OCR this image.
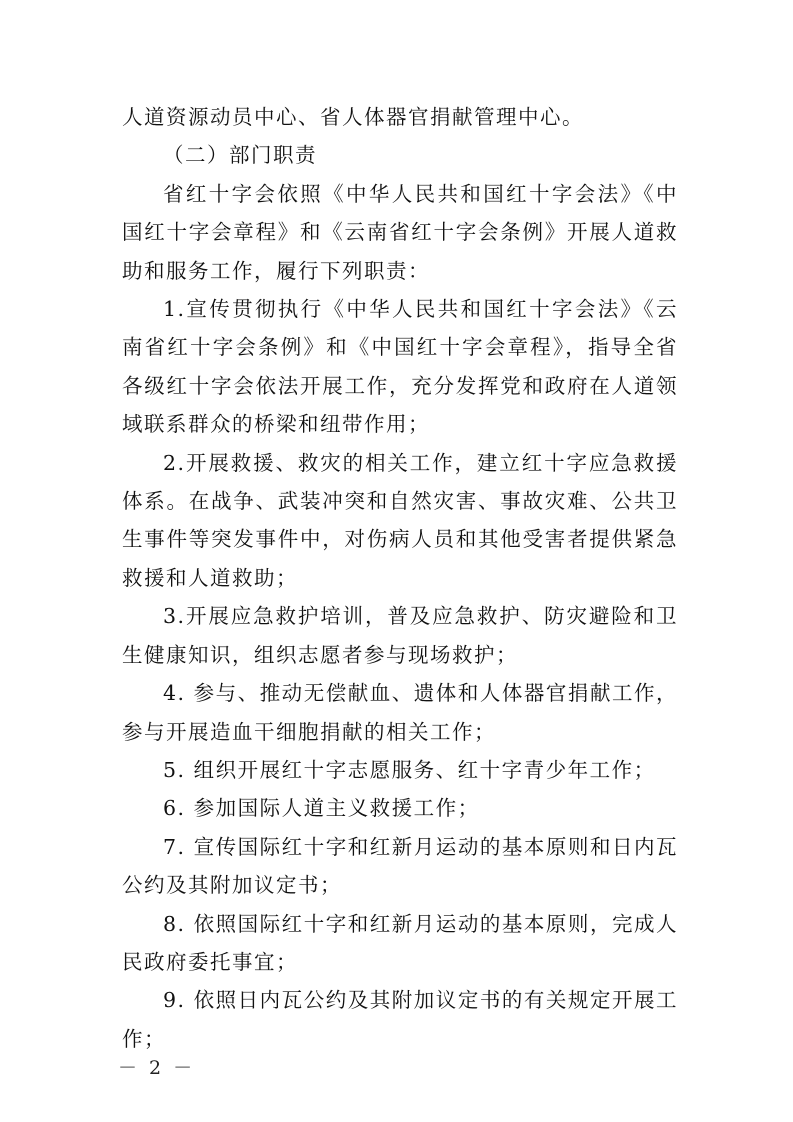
人道资源动员中心、省人体器官捐献管理中心。

（二）部门职责

省红十字会依照《中华人民共和国红十字会法》《中国红十字会章程》和《云南省红十字会条例》开展人道救助和服务工作，履行下列职责：

1.宣传贯彻执行《中华人民共和国红十字会法》《云南省红十字会条例》和《中国红十字会章程》，指导全省各级红十字会依法开展工作，充分发挥党和政府在人道领域联系群众的桥梁和纽带作用；

2.开展救援、救灾的相关工作，建立红十字应急救援体系。在战争、武装冲突和自然灾害、事故灾难、公共卫生事件等突发事件中，对伤病人员和其他受害者提供紧急救援和人道救助；

3.开展应急救护培训，普及应急救护、防灾避险和卫生健康知识，组织志愿者参与现场救护；

4. 参与、推动无偿献血、遗体和人体器官捐献工作，参与开展造血干细胞捐献的相关工作；

5. 组织开展红十字志愿服务、红十字青少年工作；

6. 参加国际人道主义救援工作；

7. 宣传国际红十字和红新月运动的基本原则和日内瓦公约及其附加议定书；

8. 依照国际红十字和红新月运动的基本原则，完成人民政府委托事宜；

9. 依照日内瓦公约及其附加议定书的有关规定开展工作；

－ 2 －
